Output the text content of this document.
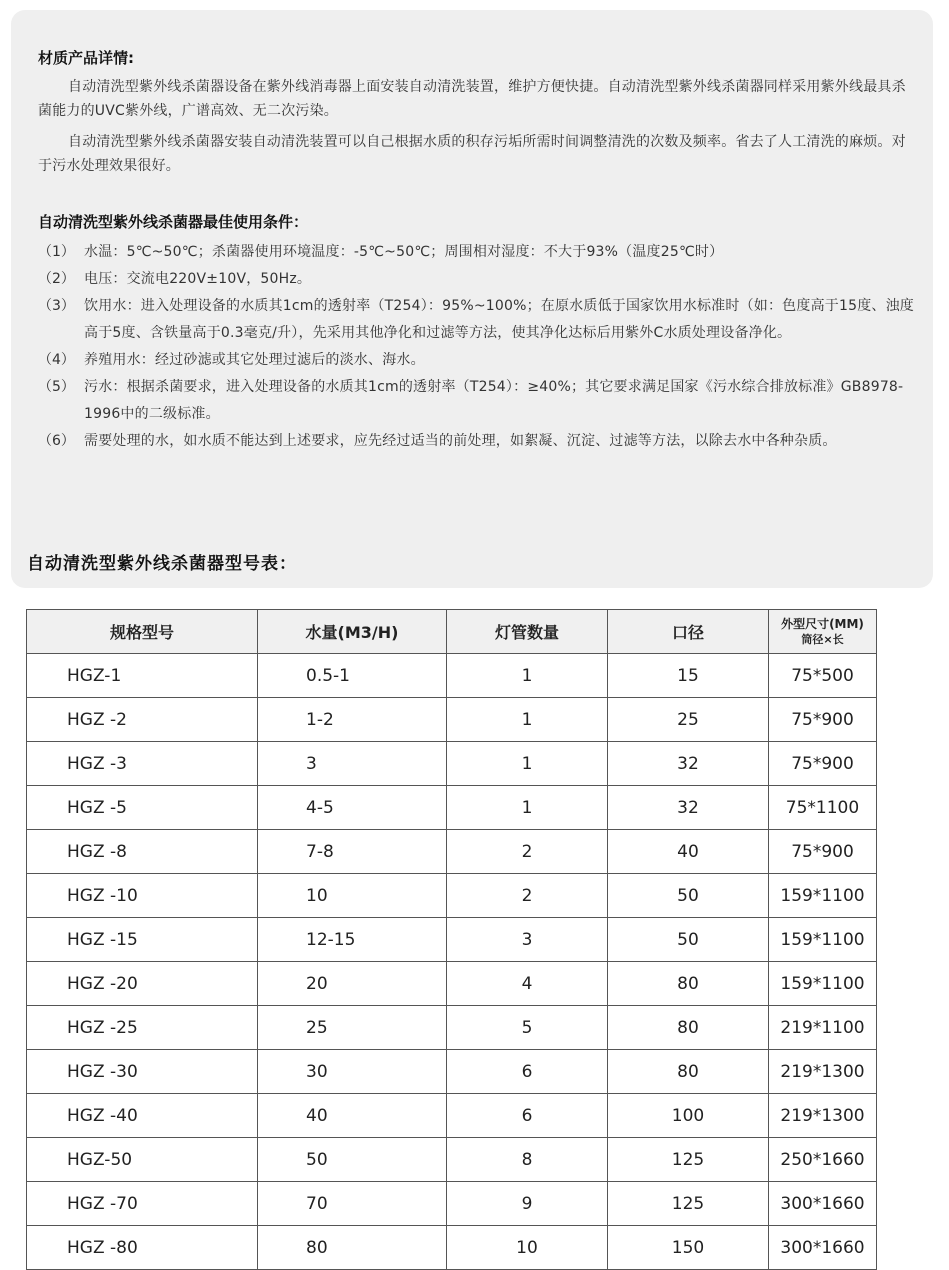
材质产品详情:
自动清洗型紫外线杀菌器设备在紫外线消毒器上面安装自动清洗装置，维护方便快捷。自动清洗型紫外线杀菌器同样采用紫外线最具杀菌能力的UVC紫外线，广谱高效、无二次污染。
自动清洗型紫外线杀菌器安装自动清洗装置可以自己根据水质的积存污垢所需时间调整清洗的次数及频率。省去了人工清洗的麻烦。对于污水处理效果很好。
自动清洗型紫外线杀菌器最佳使用条件：
（1） 水温：5℃~50℃；杀菌器使用环境温度：-5℃~50℃；周围相对湿度：不大于93%（温度25℃时）
（2） 电压：交流电220V±10V，50Hz。
（3） 饮用水：进入处理设备的水质其1cm的透射率（T254）：95%~100%；在原水质低于国家饮用水标准时（如：色度高于15度、浊度高于5度、含铁量高于0.3毫克/升），先采用其他净化和过滤等方法，使其净化达标后用紫外C水质处理设备净化。
（4） 养殖用水：经过砂滤或其它处理过滤后的淡水、海水。
（5） 污水：根据杀菌要求，进入处理设备的水质其1cm的透射率（T254）：≥40%；其它要求满足国家《污水综合排放标准》GB8978-1996中的二级标准。
（6） 需要处理的水，如水质不能达到上述要求，应先经过适当的前处理，如絮凝、沉淀、过滤等方法，以除去水中各种杂质。
自动清洗型紫外线杀菌器型号表：
规格型号	水量(M3/H)	灯管数量	口径	外型尺寸(MM)
筒径×长

HGZ-1	0.5-1	1	15	75*500
HGZ -2	1-2	1	25	75*900
HGZ -3	3	1	32	75*900
HGZ -5	4-5	1	32	75*1100
HGZ -8	7-8	2	40	75*900
HGZ -10	10	2	50	159*1100
HGZ -15	12-15	3	50	159*1100
HGZ -20	20	4	80	159*1100
HGZ -25	25	5	80	219*1100
HGZ -30	30	6	80	219*1300
HGZ -40	40	6	100	219*1300
HGZ-50	50	8	125	250*1660
HGZ -70	70	9	125	300*1660
HGZ -80	80	10	150	300*1660
